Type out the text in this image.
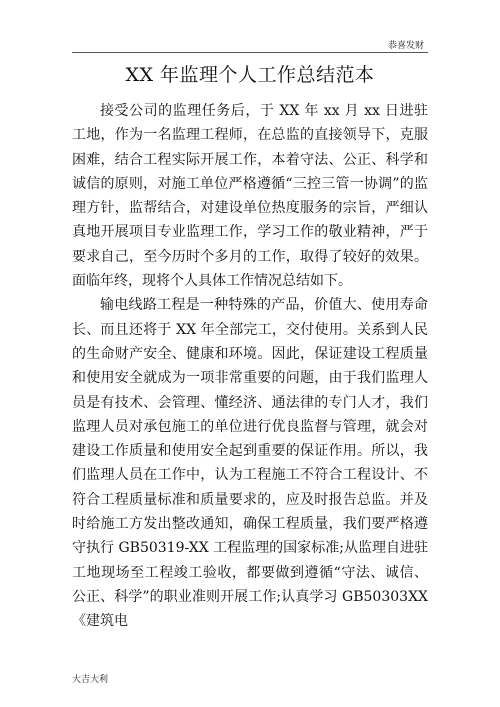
恭喜发财
XX 年监理个人工作总结范本

接受公司的监理任务后，于 XX 年 xx 月 xx 日进驻工地，作为一名监理工程师，在总监的直接领导下，克服困难，结合工程实际开展工作，本着守法、公正、科学和诚信的原则，对施工单位严格遵循“三控三管一协调”的监理方针，监帮结合，对建设单位热度服务的宗旨，严细认真地开展项目专业监理工作，学习工作的敬业精神，严于要求自己，至今历时个多月的工作，取得了较好的效果。面临年终，现将个人具体工作情况总结如下。

输电线路工程是一种特殊的产品，价值大、使用寿命长、而且还将于 XX 年全部完工，交付使用。关系到人民的生命财产安全、健康和环境。因此，保证建设工程质量和使用安全就成为一项非常重要的问题，由于我们监理人员是有技术、会管理、懂经济、通法律的专门人才，我们监理人员对承包施工的单位进行优良监督与管理，就会对建设工作质量和使用安全起到重要的保证作用。所以，我们监理人员在工作中，认为工程施工不符合工程设计、不符合工程质量标准和质量要求的，应及时报告总监。并及时给施工方发出整改通知，确保工程质量，我们要严格遵守执行 GB50319-XX 工程监理的国家标准;从监理自进驻工地现场至工程竣工验收，都要做到遵循“守法、诚信、公正、科学”的职业准则开展工作;认真学习 GB50303XX《建筑电

大吉大利
